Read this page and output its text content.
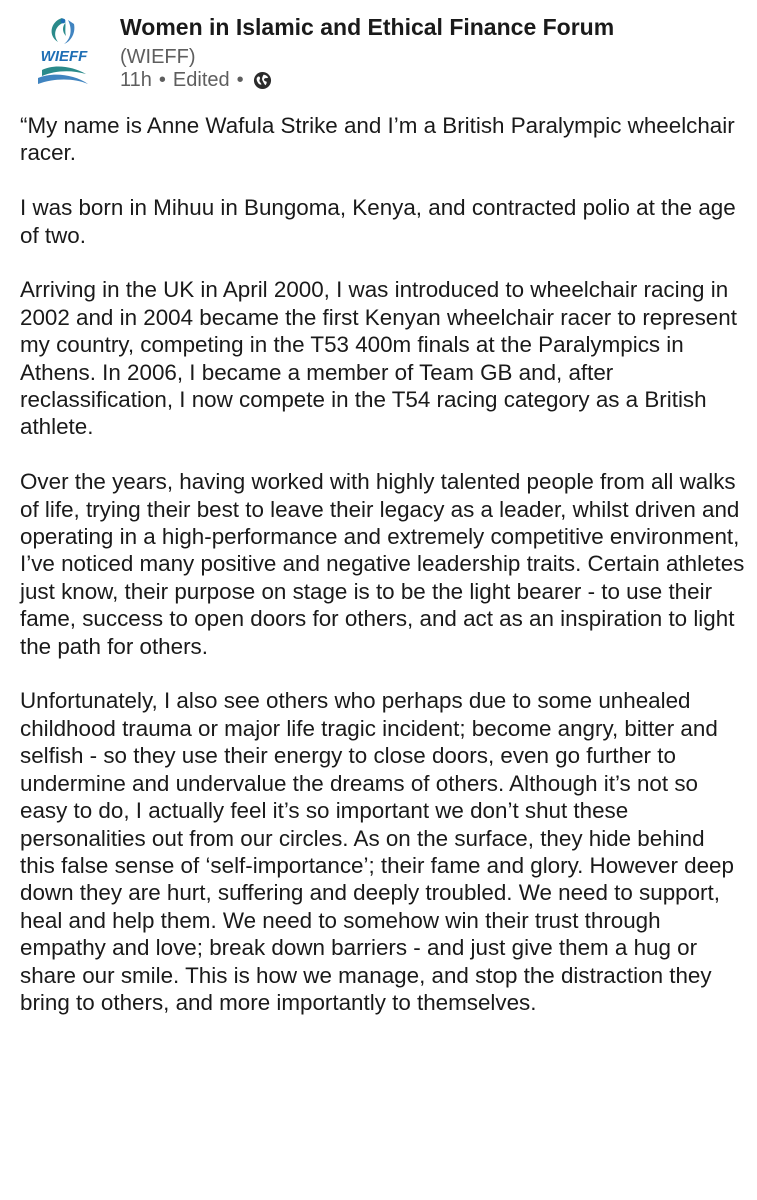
WIEFF
Women in Islamic and Ethical Finance Forum
(WIEFF)
11h • Edited •

“My name is Anne Wafula Strike and I’m a British Paralympic wheelchair racer.

I was born in Mihuu in Bungoma, Kenya, and contracted polio at the age of two.

Arriving in the UK in April 2000, I was introduced to wheelchair racing in 2002 and in 2004 became the first Kenyan wheelchair racer to represent my country, competing in the T53 400m finals at the Paralympics in Athens. In 2006, I became a member of Team GB and, after reclassification, I now compete in the T54 racing category as a British athlete.

Over the years, having worked with highly talented people from all walks of life, trying their best to leave their legacy as a leader, whilst driven and operating in a high-performance and extremely competitive environment, I’ve noticed many positive and negative leadership traits. Certain athletes just know, their purpose on stage is to be the light bearer - to use their fame, success to open doors for others, and act as an inspiration to light the path for others.

Unfortunately, I also see others who perhaps due to some unhealed childhood trauma or major life tragic incident; become angry, bitter and selfish - so they use their energy to close doors, even go further to undermine and undervalue the dreams of others. Although it’s not so easy to do, I actually feel it’s so important we don’t shut these personalities out from our circles. As on the surface, they hide behind this false sense of ‘self-importance’; their fame and glory. However deep down they are hurt, suffering and deeply troubled. We need to support, heal and help them. We need to somehow win their trust through empathy and love; break down barriers - and just give them a hug or share our smile. This is how we manage, and stop the distraction they bring to others, and more importantly to themselves.
